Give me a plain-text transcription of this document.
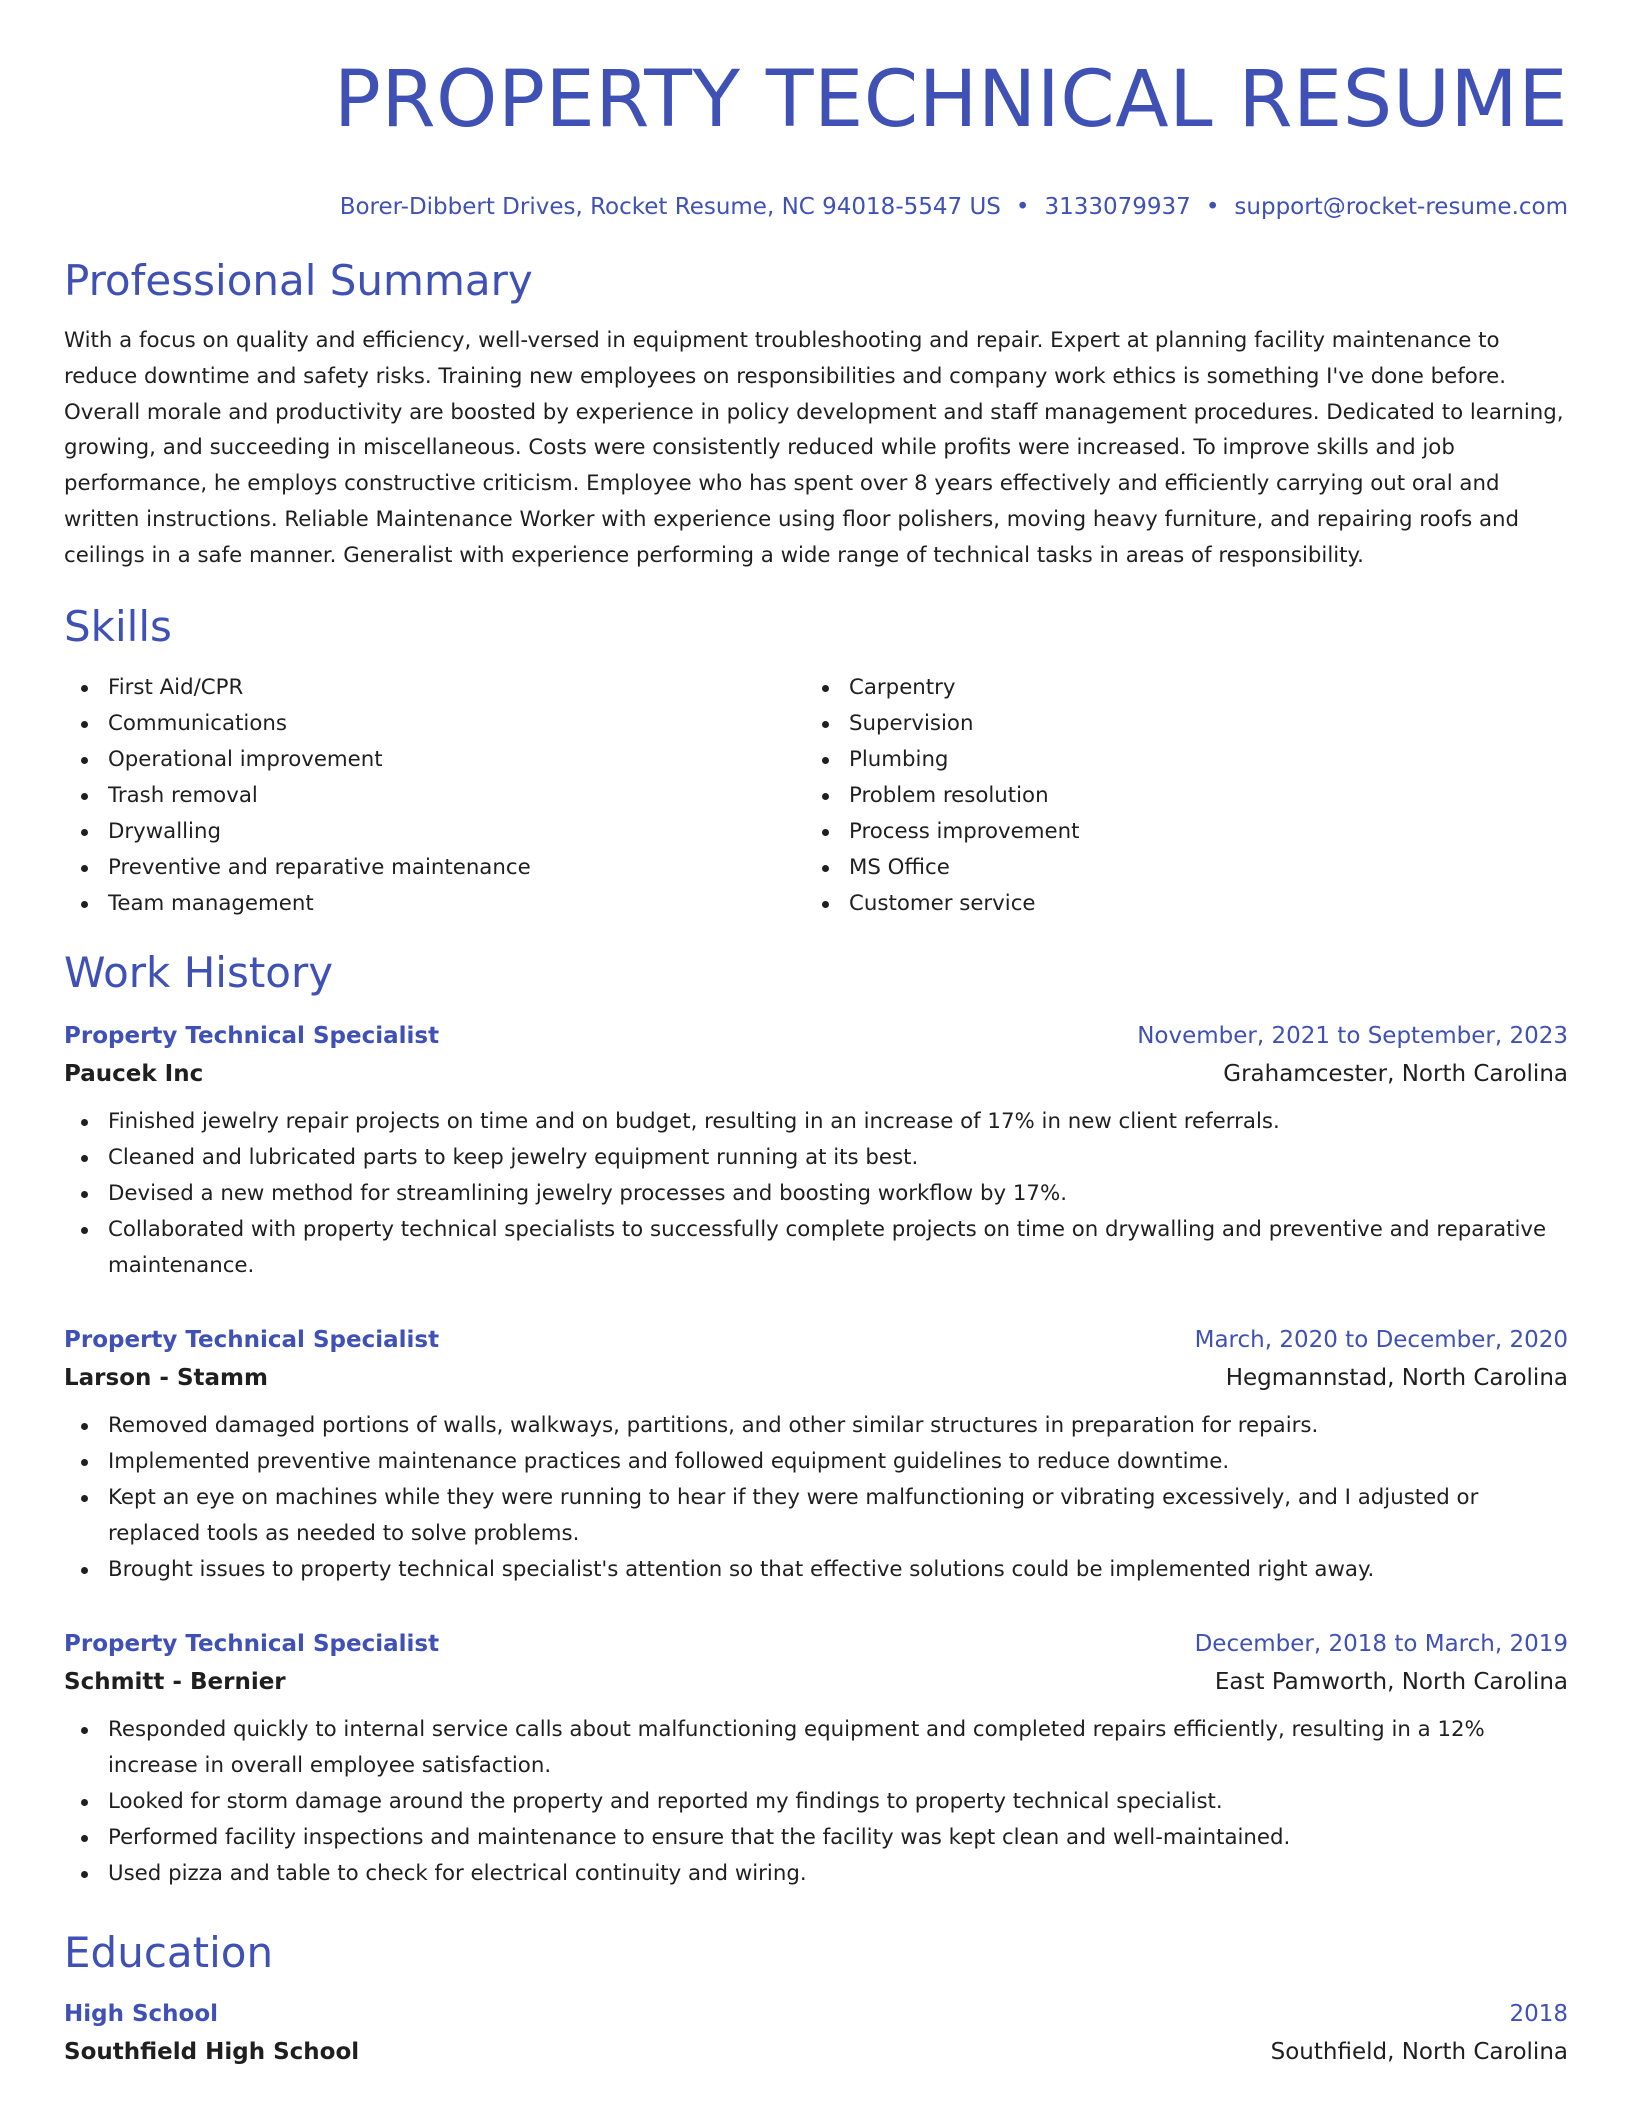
PROPERTY TECHNICAL RESUME
Borer-Dibbert Drives, Rocket Resume, NC 94018-5547 US • 3133079937 • support@rocket-resume.com
Professional Summary
With a focus on quality and efficiency, well-versed in equipment troubleshooting and repair. Expert at planning facility maintenance to reduce downtime and safety risks. Training new employees on responsibilities and company work ethics is something I've done before. Overall morale and productivity are boosted by experience in policy development and staff management procedures. Dedicated to learning, growing, and succeeding in miscellaneous. Costs were consistently reduced while profits were increased. To improve skills and job performance, he employs constructive criticism. Employee who has spent over 8 years effectively and efficiently carrying out oral and written instructions. Reliable Maintenance Worker with experience using floor polishers, moving heavy furniture, and repairing roofs and ceilings in a safe manner. Generalist with experience performing a wide range of technical tasks in areas of responsibility.
Skills
First Aid/CPR
Communications
Operational improvement
Trash removal
Drywalling
Preventive and reparative maintenance
Team management
Carpentry
Supervision
Plumbing
Problem resolution
Process improvement
MS Office
Customer service
Work History
Property Technical Specialist	November, 2021 to September, 2023
Paucek Inc	Grahamcester, North Carolina
Finished jewelry repair projects on time and on budget, resulting in an increase of 17% in new client referrals.
Cleaned and lubricated parts to keep jewelry equipment running at its best.
Devised a new method for streamlining jewelry processes and boosting workflow by 17%.
Collaborated with property technical specialists to successfully complete projects on time on drywalling and preventive and reparative maintenance.
Property Technical Specialist	March, 2020 to December, 2020
Larson - Stamm	Hegmannstad, North Carolina
Removed damaged portions of walls, walkways, partitions, and other similar structures in preparation for repairs.
Implemented preventive maintenance practices and followed equipment guidelines to reduce downtime.
Kept an eye on machines while they were running to hear if they were malfunctioning or vibrating excessively, and I adjusted or replaced tools as needed to solve problems.
Brought issues to property technical specialist's attention so that effective solutions could be implemented right away.
Property Technical Specialist	December, 2018 to March, 2019
Schmitt - Bernier	East Pamworth, North Carolina
Responded quickly to internal service calls about malfunctioning equipment and completed repairs efficiently, resulting in a 12% increase in overall employee satisfaction.
Looked for storm damage around the property and reported my findings to property technical specialist.
Performed facility inspections and maintenance to ensure that the facility was kept clean and well-maintained.
Used pizza and table to check for electrical continuity and wiring.
Education
High School	2018
Southfield High School	Southfield, North Carolina
